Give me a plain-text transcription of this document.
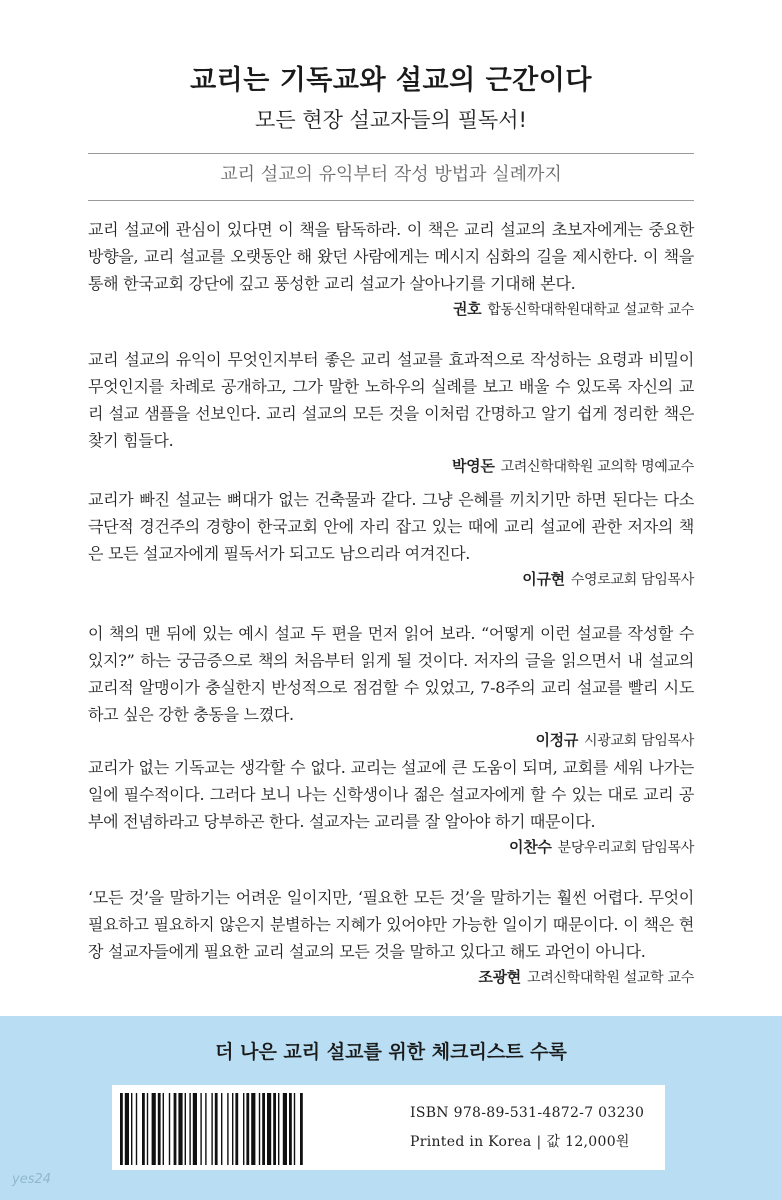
교리는 기독교와 설교의 근간이다
모든 현장 설교자들의 필독서!
교리 설교의 유익부터 작성 방법과 실례까지

교리 설교에 관심이 있다면 이 책을 탐독하라. 이 책은 교리 설교의 초보자에게는 중요한 방향을, 교리 설교를 오랫동안 해 왔던 사람에게는 메시지 심화의 길을 제시한다. 이 책을 통해 한국교회 강단에 깊고 풍성한 교리 설교가 살아나기를 기대해 본다.

권호 합동신학대학원대학교 설교학 교수

교리 설교의 유익이 무엇인지부터 좋은 교리 설교를 효과적으로 작성하는 요령과 비밀이 무엇인지를 차례로 공개하고, 그가 말한 노하우의 실례를 보고 배울 수 있도록 자신의 교리 설교 샘플을 선보인다. 교리 설교의 모든 것을 이처럼 간명하고 알기 쉽게 정리한 책은 찾기 힘들다.

박영돈 고려신학대학원 교의학 명예교수

교리가 빠진 설교는 뼈대가 없는 건축물과 같다. 그냥 은혜를 끼치기만 하면 된다는 다소 극단적 경건주의 경향이 한국교회 안에 자리 잡고 있는 때에 교리 설교에 관한 저자의 책은 모든 설교자에게 필독서가 되고도 남으리라 여겨진다.

이규현 수영로교회 담임목사

이 책의 맨 뒤에 있는 예시 설교 두 편을 먼저 읽어 보라. “어떻게 이런 설교를 작성할 수 있지?” 하는 궁금증으로 책의 처음부터 읽게 될 것이다. 저자의 글을 읽으면서 내 설교의 교리적 알맹이가 충실한지 반성적으로 점검할 수 있었고, 7-8주의 교리 설교를 빨리 시도하고 싶은 강한 충동을 느꼈다.

이정규 시광교회 담임목사

교리가 없는 기독교는 생각할 수 없다. 교리는 설교에 큰 도움이 되며, 교회를 세워 나가는 일에 필수적이다. 그러다 보니 나는 신학생이나 젊은 설교자에게 할 수 있는 대로 교리 공부에 전념하라고 당부하곤 한다. 설교자는 교리를 잘 알아야 하기 때문이다.

이찬수 분당우리교회 담임목사

‘모든 것’을 말하기는 어려운 일이지만, ‘필요한 모든 것’을 말하기는 훨씬 어렵다. 무엇이 필요하고 필요하지 않은지 분별하는 지혜가 있어야만 가능한 일이기 때문이다. 이 책은 현장 설교자들에게 필요한 교리 설교의 모든 것을 말하고 있다고 해도 과언이 아니다.

조광현 고려신학대학원 설교학 교수
더 나은 교리 설교를 위한 체크리스트 수록
ISBN 978-89-531-4872-7 03230
Printed in Korea | 값 12,000원
yes24
